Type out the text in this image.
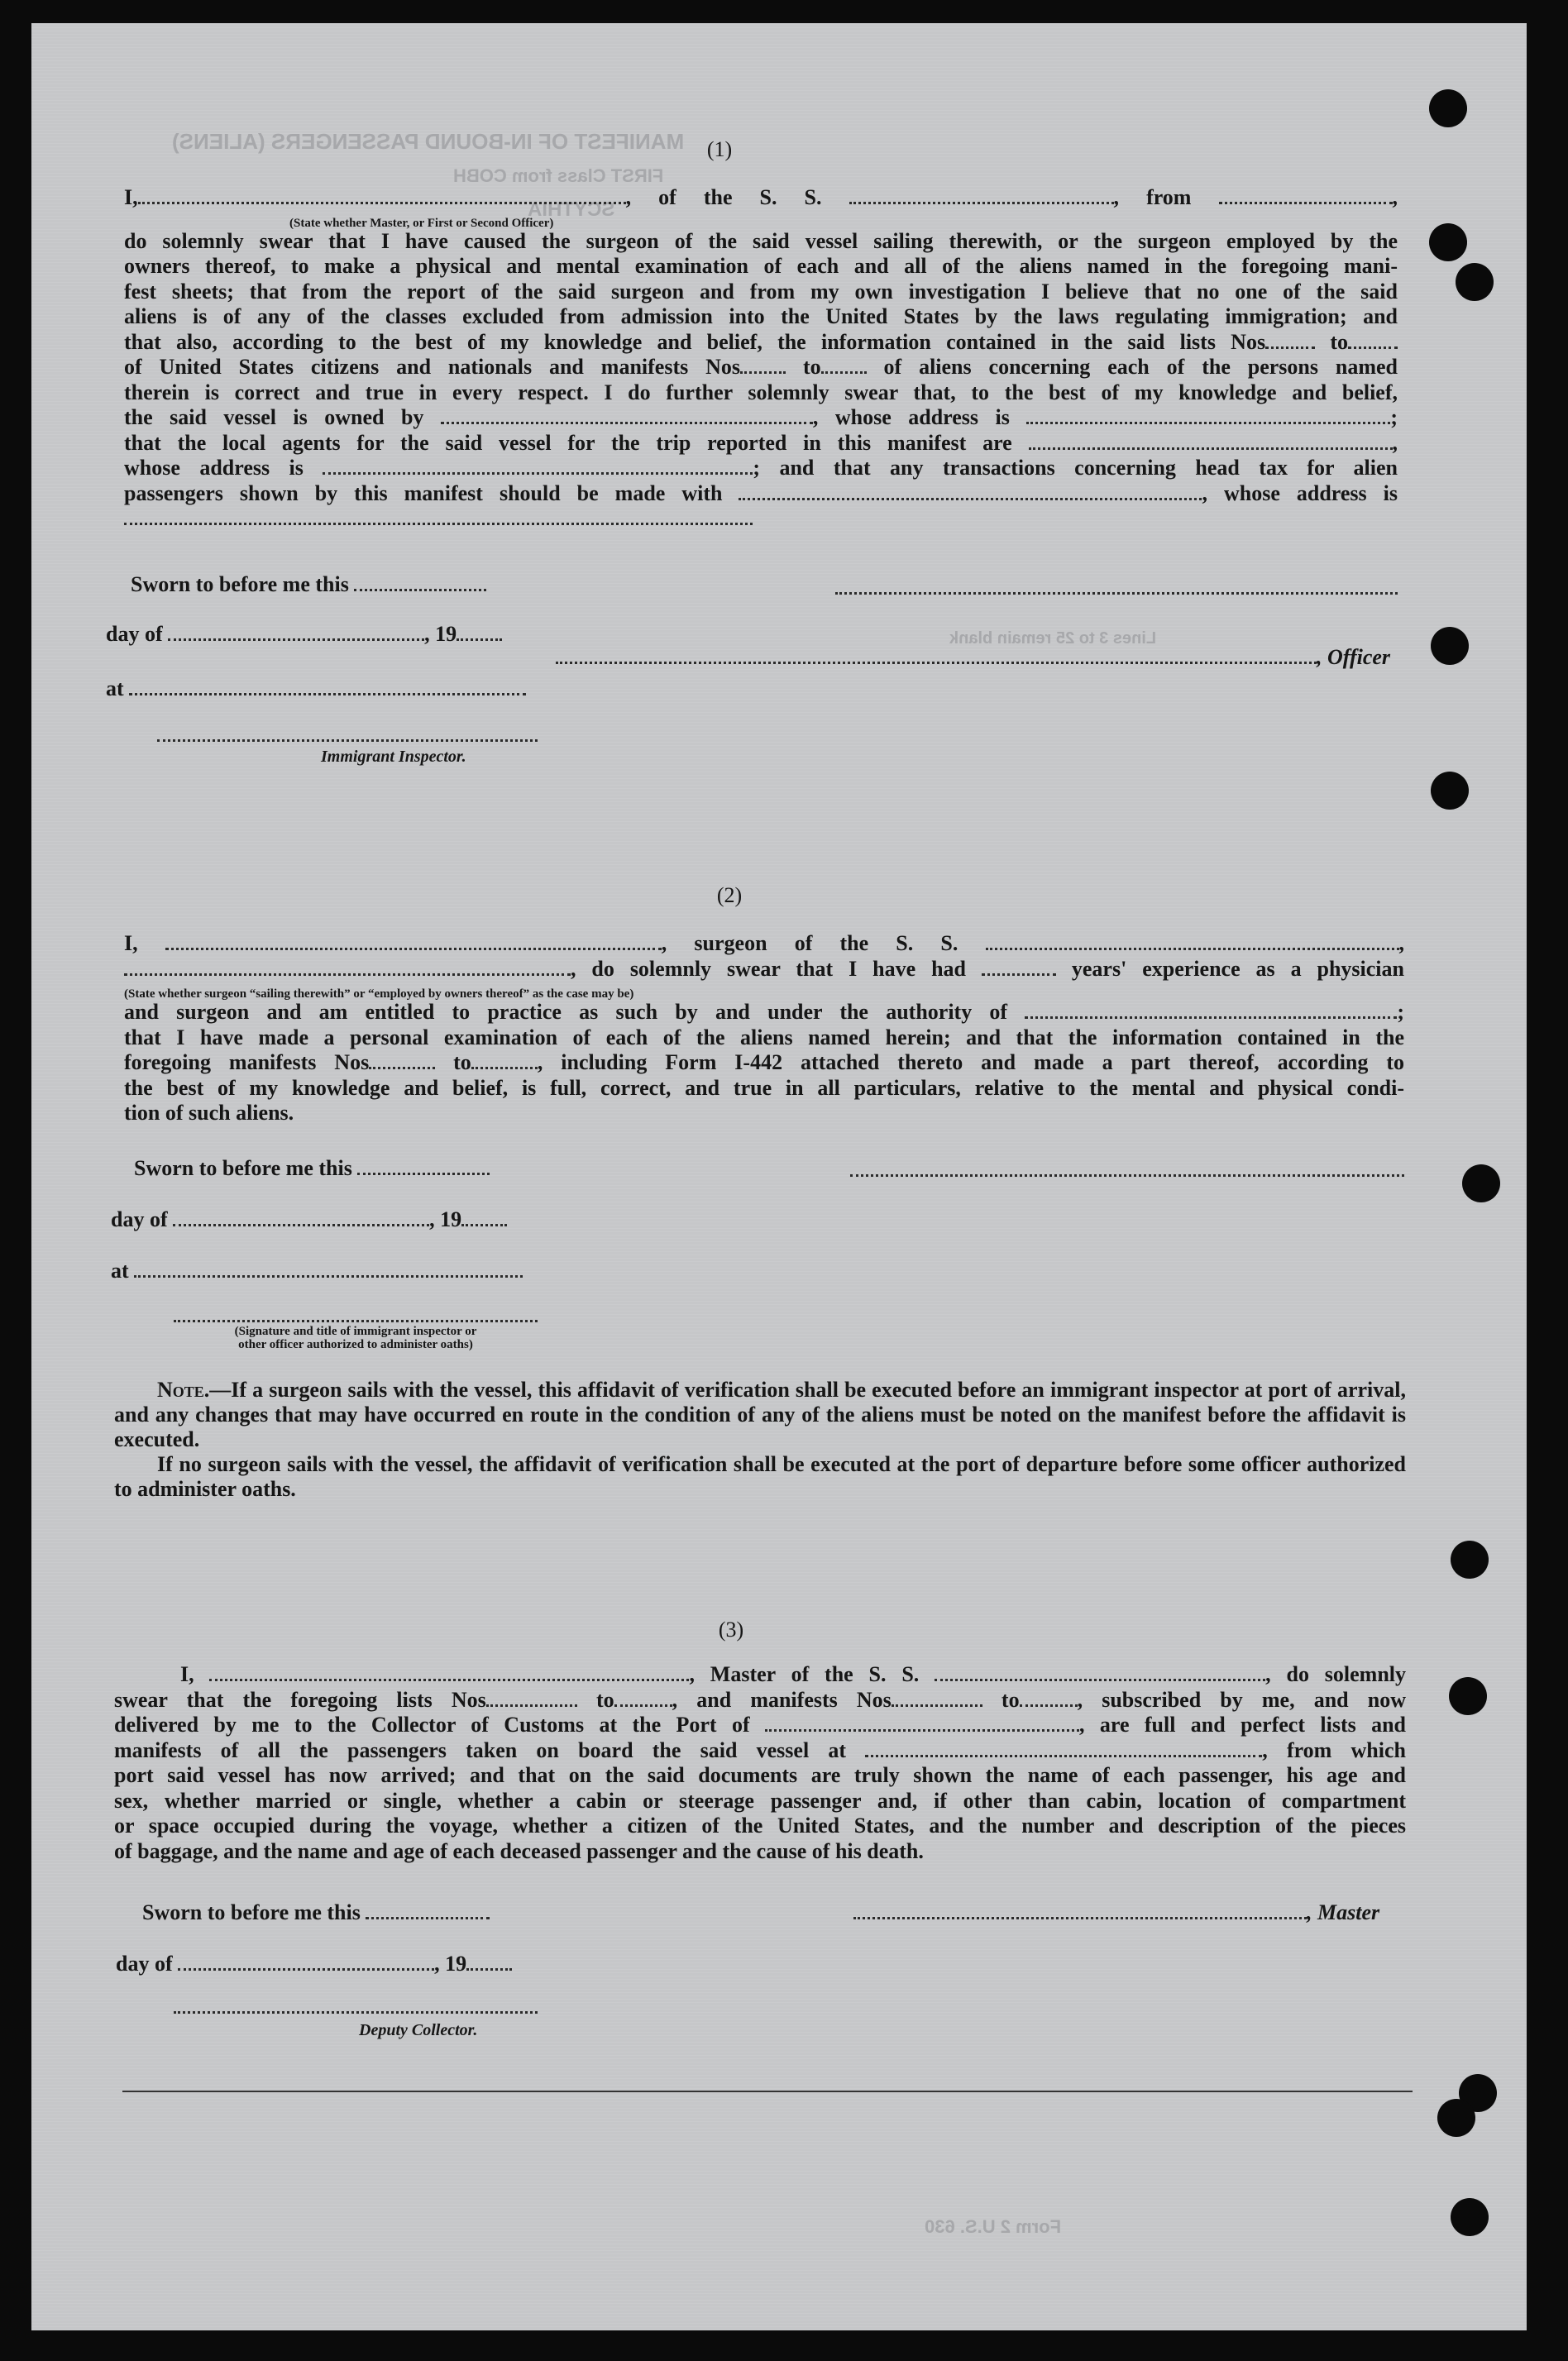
MANIFEST OF IN-BOUND PASSENGERS (ALIENS)
FIRST Class from COBH
SCYTHIA
Lines 3 to 25 remain blank
Form 2 U.S. 630
(1)
I,	, of the S. S.	, from	,
(State whether Master, or First or Second Officer)
do solemnly swear that I have caused the surgeon of the said vessel sailing therewith, or the surgeon employed by the
owners thereof, to make a physical and mental examination of each and all of the aliens named in the foregoing mani-
fest sheets; that from the report of the said surgeon and from my own investigation I believe that no one of the said
aliens is of any of the classes excluded from admission into the United States by the laws regulating immigration; and
that also, according to the best of my knowledge and belief, the information contained in the said lists Nos	to
of United States citizens and nationals and manifests Nos	to	of aliens concerning each of the persons named
therein is correct and true in every respect. I do further solemnly swear that, to the best of my knowledge and belief,
the said vessel is owned by	, whose address is	;
that the local agents for the said vessel for the trip reported in this manifest are	,
whose address is	; and that any transactions concerning head tax for alien
passengers shown by this manifest should be made with	, whose address is
Sworn to before me this
day of	, 19
, Officer
at
Immigrant Inspector.
(2)
I,	, surgeon of the S. S.	,
, do solemnly swear that I have had	years' experience as a physician
(State whether surgeon “sailing therewith” or “employed by owners thereof” as the case may be)
and surgeon and am entitled to practice as such by and under the authority of	;
that I have made a personal examination of each of the aliens named herein; and that the information contained in the
foregoing manifests Nos	to	, including Form I-442 attached thereto and made a part thereof, according to
the best of my knowledge and belief, is full, correct, and true in all particulars, relative to the mental and physical condi-
tion of such aliens.
Sworn to before me this
day of	, 19
at
(Signature and title of immigrant inspector or
other officer authorized to administer oaths)

Note.—If a surgeon sails with the vessel, this affidavit of verification shall be executed before an immigrant inspector at port of arrival, and any changes that may have occurred en route in the condition of any of the aliens must be noted on the manifest before the affidavit is executed.

If no surgeon sails with the vessel, the affidavit of verification shall be executed at the port of departure before some officer authorized to administer oaths.

(3)
I,	, Master of the S. S.	, do solemnly
swear that the foregoing lists Nos	to	, and manifests Nos	to	, subscribed by me, and now
delivered by me to the Collector of Customs at the Port of	, are full and perfect lists and
manifests of all the passengers taken on board the said vessel at	, from which
port said vessel has now arrived; and that on the said documents are truly shown the name of each passenger, his age and
sex, whether married or single, whether a cabin or steerage passenger and, if other than cabin, location of compartment
or space occupied during the voyage, whether a citizen of the United States, and the number and description of the pieces
of baggage, and the name and age of each deceased passenger and the cause of his death.
Sworn to before me this	, Master
day of	, 19
Deputy Collector.
